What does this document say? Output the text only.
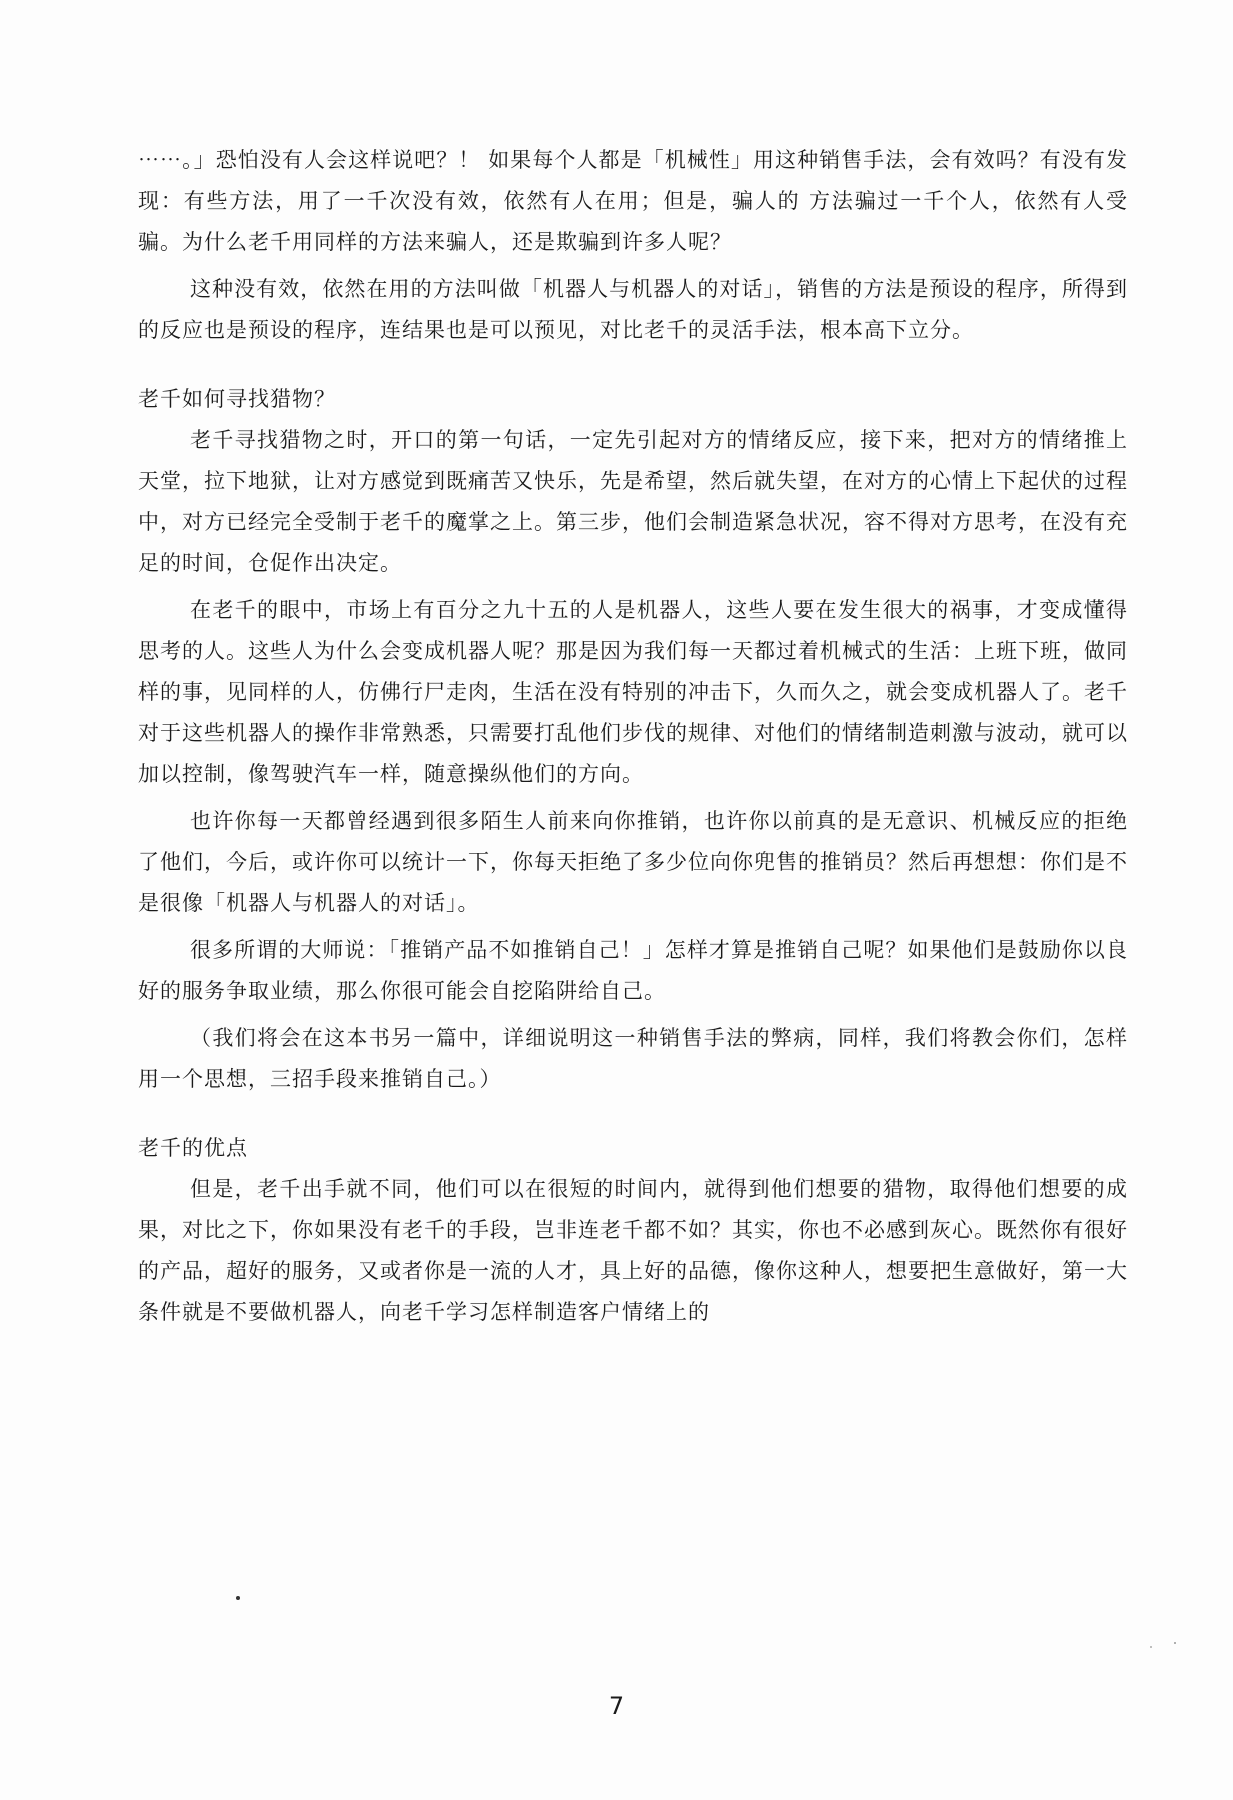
⋯⋯。」恐怕没有人会这样说吧？！ 如果每个人都是「机械性」用这种销售手法，会有效吗？有没有发现：有些方法，用了一千次没有效，依然有人在用；但是，骗人的 方法骗过一千个人，依然有人受骗。为什么老千用同样的方法来骗人，还是欺骗到许多人呢？

这种没有效，依然在用的方法叫做「机器人与机器人的对话」，销售的方法是预设的程序，所得到的反应也是预设的程序，连结果也是可以预见，对比老千的灵活手法，根本高下立分。

老千如何寻找猎物？

老千寻找猎物之时，开口的第一句话，一定先引起对方的情绪反应，接下来，把对方的情绪推上天堂，拉下地狱，让对方感觉到既痛苦又快乐，先是希望，然后就失望，在对方的心情上下起伏的过程中，对方已经完全受制于老千的魔掌之上。第三步，他们会制造紧急状况，容不得对方思考，在没有充足的时间，仓促作出决定。

在老千的眼中，市场上有百分之九十五的人是机器人，这些人要在发生很大的祸事，才变成懂得思考的人。这些人为什么会变成机器人呢？那是因为我们每一天都过着机械式的生活：上班下班，做同样的事，见同样的人，仿佛行尸走肉，生活在没有特别的冲击下，久而久之，就会变成机器人了。老千对于这些机器人的操作非常熟悉，只需要打乱他们步伐的规律、对他们的情绪制造刺激与波动，就可以加以控制，像驾驶汽车一样，随意操纵他们的方向。

也许你每一天都曾经遇到很多陌生人前来向你推销，也许你以前真的是无意识、机械反应的拒绝了他们，今后，或许你可以统计一下，你每天拒绝了多少位向你兜售的推销员？然后再想想：你们是不是很像「机器人与机器人的对话」。

很多所谓的大师说：「推销产品不如推销自己！」怎样才算是推销自己呢？如果他们是鼓励你以良好的服务争取业绩，那么你很可能会自挖陷阱给自己。

（我们将会在这本书另一篇中，详细说明这一种销售手法的弊病，同样，我们将教会你们，怎样用一个思想，三招手段来推销自己。）

老千的优点

但是，老千出手就不同，他们可以在很短的时间内，就得到他们想要的猎物，取得他们想要的成果，对比之下，你如果没有老千的手段，岂非连老千都不如？其实，你也不必感到灰心。既然你有很好的产品，超好的服务，又或者你是一流的人才，具上好的品德，像你这种人，想要把生意做好，第一大条件就是不要做机器人，向老千学习怎样制造客户情绪上的

7
